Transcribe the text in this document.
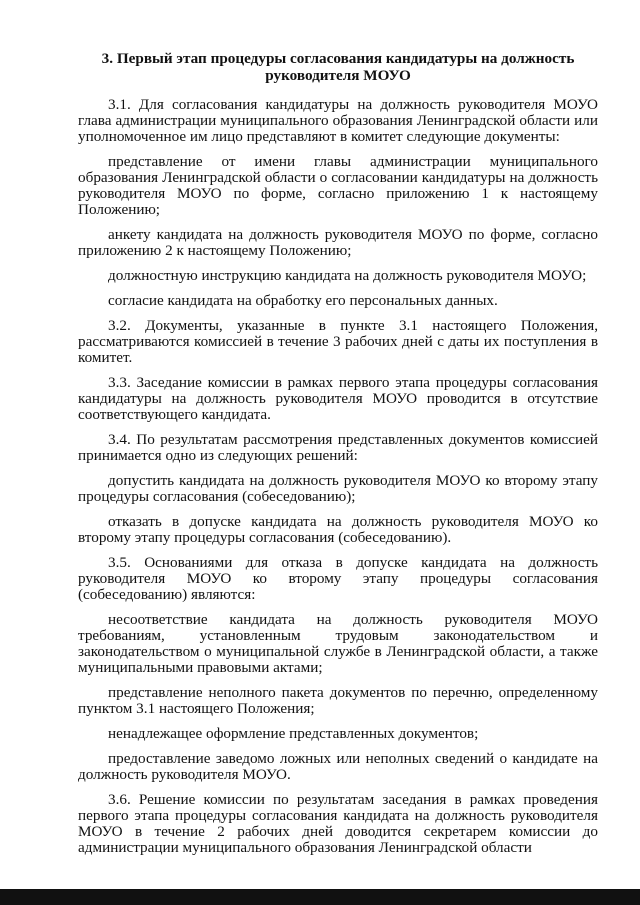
3. Первый этап процедуры согласования кандидатуры на должность руководителя МОУО
3.1. Для согласования кандидатуры на должность руководителя МОУО глава администрации муниципального образования Ленинградской области или уполномоченное им лицо представляют в комитет следующие документы:
представление от имени главы администрации муниципального образования Ленинградской области о согласовании кандидатуры на должность руководителя МОУО по форме, согласно приложению 1 к настоящему Положению;
анкету кандидата на должность руководителя МОУО по форме, согласно приложению 2 к настоящему Положению;
должностную инструкцию кандидата на должность руководителя МОУО;
согласие кандидата на обработку его персональных данных.
3.2. Документы, указанные в пункте 3.1 настоящего Положения, рассматриваются комиссией в течение 3 рабочих дней с даты их поступления в комитет.
3.3. Заседание комиссии в рамках первого этапа процедуры согласования кандидатуры на должность руководителя МОУО проводится в отсутствие соответствующего кандидата.
3.4. По результатам рассмотрения представленных документов комиссией принимается одно из следующих решений:
допустить кандидата на должность руководителя МОУО ко второму этапу процедуры согласования (собеседованию);
отказать в допуске кандидата на должность руководителя МОУО ко второму этапу процедуры согласования (собеседованию).
3.5. Основаниями для отказа в допуске кандидата на должность руководителя МОУО ко второму этапу процедуры согласования (собеседованию) являются:
несоответствие кандидата на должность руководителя МОУО требованиям, установленным трудовым законодательством и законодательством о муниципальной службе в Ленинградской области, а также муниципальными правовыми актами;
представление неполного пакета документов по перечню, определенному пунктом 3.1 настоящего Положения;
ненадлежащее оформление представленных документов;
предоставление заведомо ложных или неполных сведений о кандидате на должность руководителя МОУО.
3.6. Решение комиссии по результатам заседания в рамках проведения первого этапа процедуры согласования кандидата на должность руководителя МОУО в течение 2 рабочих дней доводится секретарем комиссии до администрации муниципального образования Ленинградской области
